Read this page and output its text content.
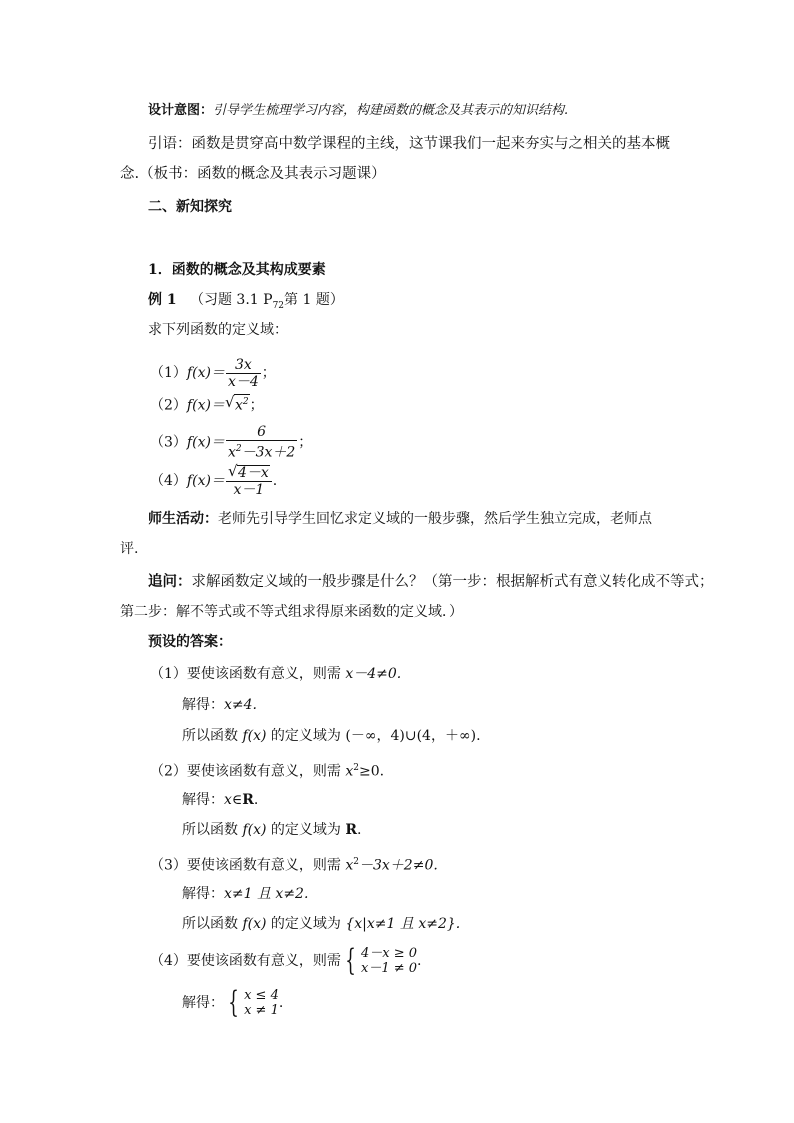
设计意图：引导学生梳理学习内容，构建函数的概念及其表示的知识结构.
引语：函数是贯穿高中数学课程的主线，这节课我们一起来夯实与之相关的基本概
念.（板书：函数的概念及其表示习题课）
二、新知探究
1．函数的概念及其构成要素
例 1 （习题 3.1 $P_{72}$第 1 题）
求下列函数的定义域：
$(1)f(x)= \frac{3x}{x-4}$ ；
（2）f(x)＝ √ $x^2$；
$(3)f(x)= \frac{6}{x^2-3x+2}$ ；
$(4)f(x)= \frac{√ 4-x}{x-1}$ .
师生活动：老师先引导学生回忆求定义域的一般步骤，然后学生独立完成，老师点
评.
追问：求解函数定义域的一般步骤是什么？（第一步：根据解析式有意义转化成不等式；
第二步：解不等式或不等式组求得原来函数的定义域．）
预设的答案：
（1）要使该函数有意义，则需 x－4≠0.
解得：x≠4.
所以函数 f(x) 的定义域为 (－∞，4)∪(4，＋∞).
（2）要使该函数有意义，则需 $x^2\ge 0$.
解得：x∈R.
所以函数 f(x) 的定义域为 R.
（3）要使该函数有意义，则需 $x^2-3x+2\ne 0$.
解得：x≠1 且 x≠2.
所以函数 f(x) 的定义域为 {x|x≠1 且 x≠2}.
（4）要使该函数有意义，则需 { 4－x ≥ 0
x－1 ≠ 0 .
解得： { x ≤ 4
x ≠ 1 .
